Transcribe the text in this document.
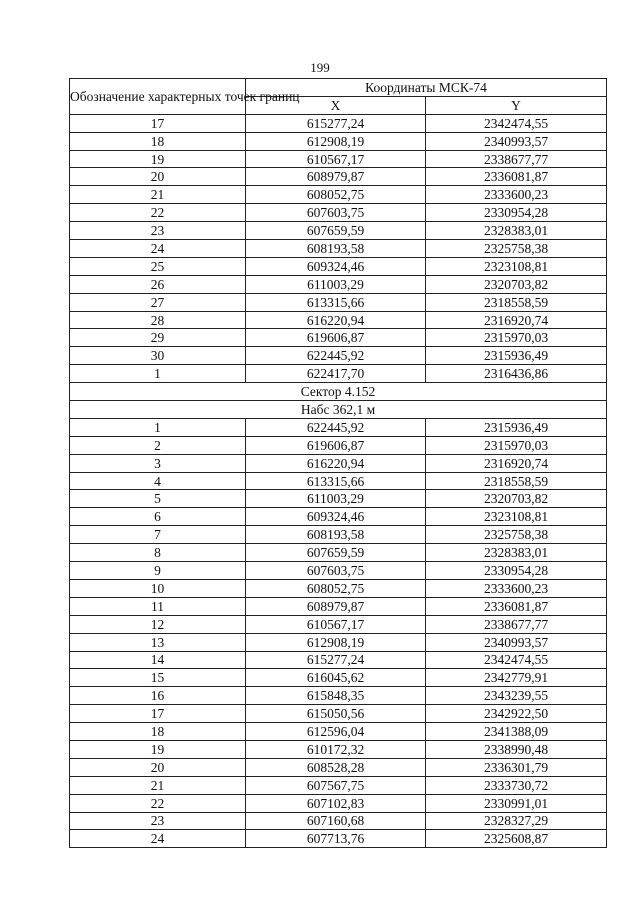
199
Обозначение характерных точек границ	Координаты МСК-74	
	X	Y
17	615277,24	2342474,55
18	612908,19	2340993,57
19	610567,17	2338677,77
20	608979,87	2336081,87
21	608052,75	2333600,23
22	607603,75	2330954,28
23	607659,59	2328383,01
24	608193,58	2325758,38
25	609324,46	2323108,81
26	611003,29	2320703,82
27	613315,66	2318558,59
28	616220,94	2316920,74
29	619606,87	2315970,03
30	622445,92	2315936,49
1	622417,70	2316436,86
Сектор 4.152		
Набс 362,1 м		
1	622445,92	2315936,49
2	619606,87	2315970,03
3	616220,94	2316920,74
4	613315,66	2318558,59
5	611003,29	2320703,82
6	609324,46	2323108,81
7	608193,58	2325758,38
8	607659,59	2328383,01
9	607603,75	2330954,28
10	608052,75	2333600,23
11	608979,87	2336081,87
12	610567,17	2338677,77
13	612908,19	2340993,57
14	615277,24	2342474,55
15	616045,62	2342779,91
16	615848,35	2343239,55
17	615050,56	2342922,50
18	612596,04	2341388,09
19	610172,32	2338990,48
20	608528,28	2336301,79
21	607567,75	2333730,72
22	607102,83	2330991,01
23	607160,68	2328327,29
24	607713,76	2325608,87
